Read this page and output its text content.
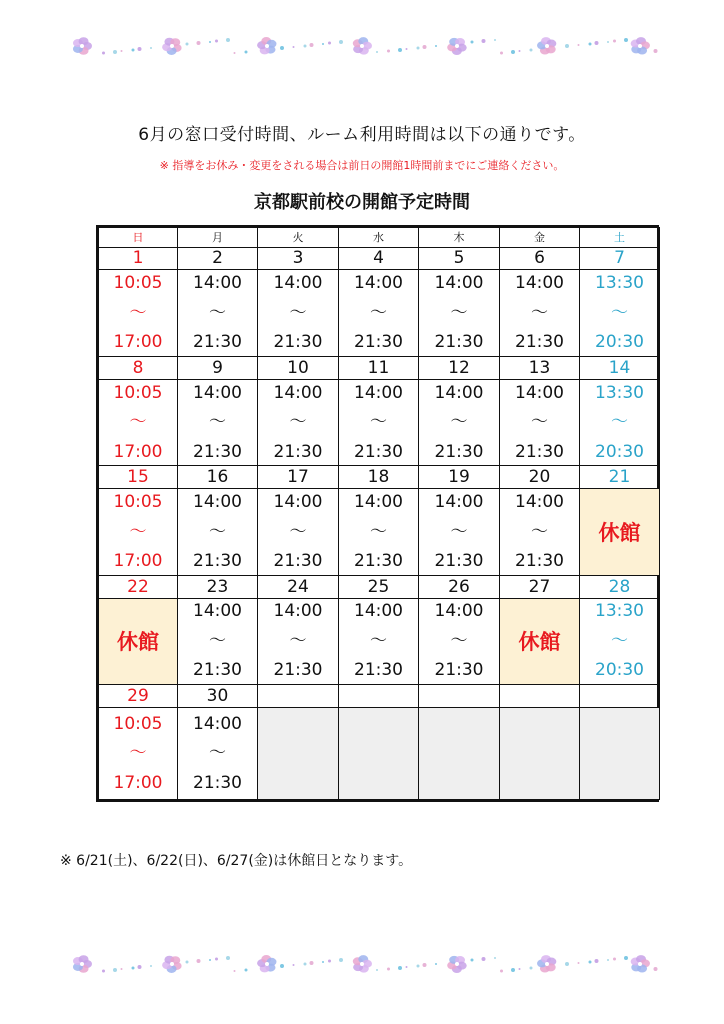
6月の窓口受付時間、ルーム利用時間は以下の通りです。
※ 指導をお休み・変更をされる場合は前日の開館1時間前までにご連絡ください。
京都駅前校の開館予定時間
日	月	火	水	木	金	土
1	2	3	4	5	6	7

10:05
～
17:00	14:00
～
21:30	14:00
～
21:30	14:00
～
21:30	14:00
～
21:30	14:00
～
21:30	13:30
～
20:30

8	9	10	11	12	13	14

10:05
～
17:00	14:00
～
21:30	14:00
～
21:30	14:00
～
21:30	14:00
～
21:30	14:00
～
21:30	13:30
～
20:30

15	16	17	18	19	20	21

10:05
～
17:00	14:00
～
21:30	14:00
～
21:30	14:00
～
21:30	14:00
～
21:30	14:00
～
21:30	休館
22	23	24	25	26	27	28
休館	14:00
～
21:30	14:00
～
21:30	14:00
～
21:30	14:00
～
21:30	休館	13:30
～
20:30

29	30					

10:05
～
17:00	14:00
～
21:30					

※ 6/21(土)、6/22(日)、6/27(金)は休館日となります。
